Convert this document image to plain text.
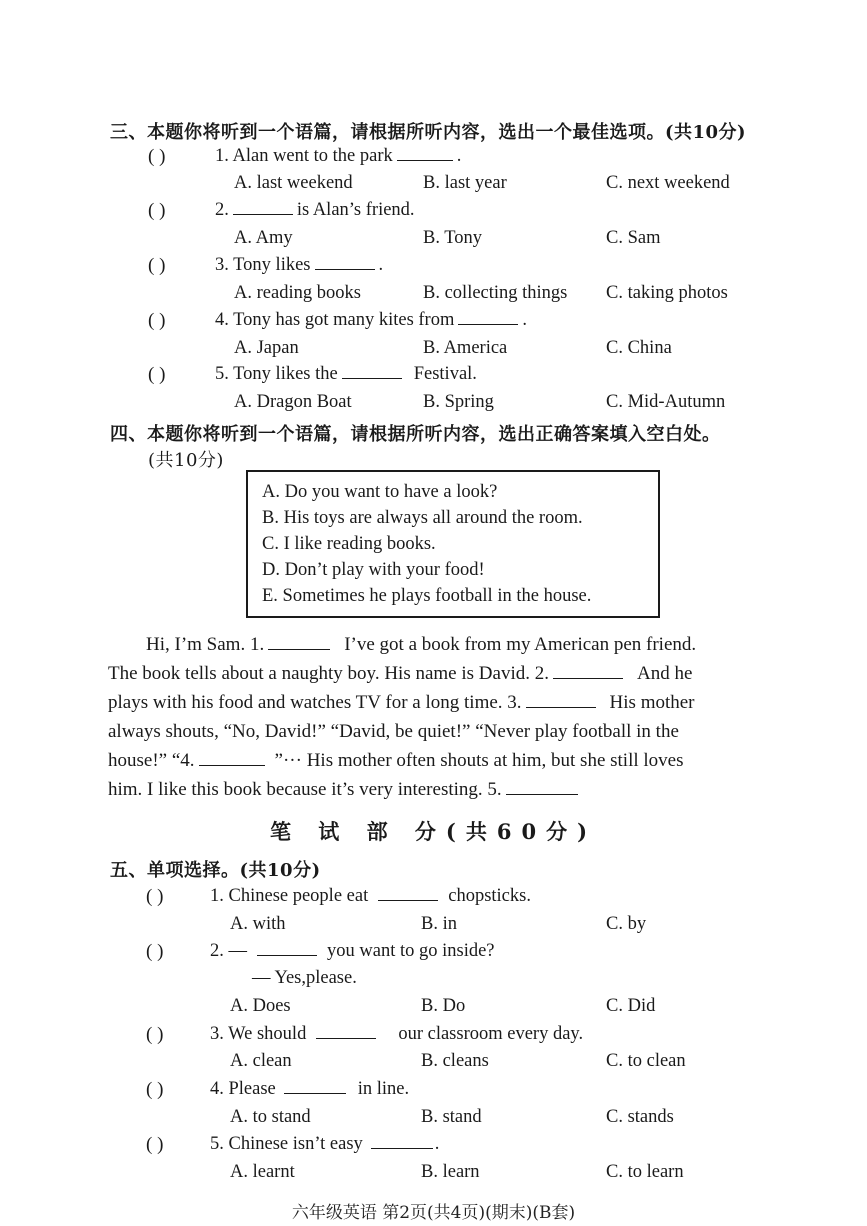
三、本题你将听到一个语篇，请根据所听内容，选出一个最佳选项。(共10分)
( )	1. Alan went to the park	.
A. last weekend	B. last year	C. next weekend
( )	2.	is Alan’s friend.
A. Amy	B. Tony	C. Sam
( )	3. Tony likes	.
A. reading books	B. collecting things C. taking photos
( )	4. Tony has got many kites from	.
A. Japan	B. America	C. China
( )	5. Tony likes the	Festival.
A. Dragon Boat	B. Spring	C. Mid-Autumn
四、本题你将听到一个语篇，请根据所听内容，选出正确答案填入空白处。
(共10分)
A. Do you want to have a look?
B. His toys are always all around the room.
C. I like reading books.
D. Don’t play with your food!
E. Sometimes he plays football in the house.
Hi, I’m Sam. 1.	I’ve got a book from my American pen friend.
The book tells about a naughty boy. His name is David. 2.	And he
plays with his food and watches TV for a long time. 3.	His mother
always shouts, “No, David!” “David, be quiet!” “Never play football in the
house!” “4.	”··· His mother often shouts at him, but she still loves
him. I like this book because it’s very interesting. 5.
笔 试 部 分(共60分)
五、单项选择。(共10分)
( )	1. Chinese people eat	chopsticks.
A. with	B. in	C. by
( )	2. —	you want to go inside?
— Yes,please.
A. Does	B. Do	C. Did
( )	3. We should	our classroom every day.
A. clean	B. cleans	C. to clean
( )	4. Please	in line.
A. to stand	B. stand	C. stands
( )	5. Chinese isn’t easy	.
A. learnt	B. learn	C. to learn
六年级英语 第2页(共4页)(期末)(B套)
